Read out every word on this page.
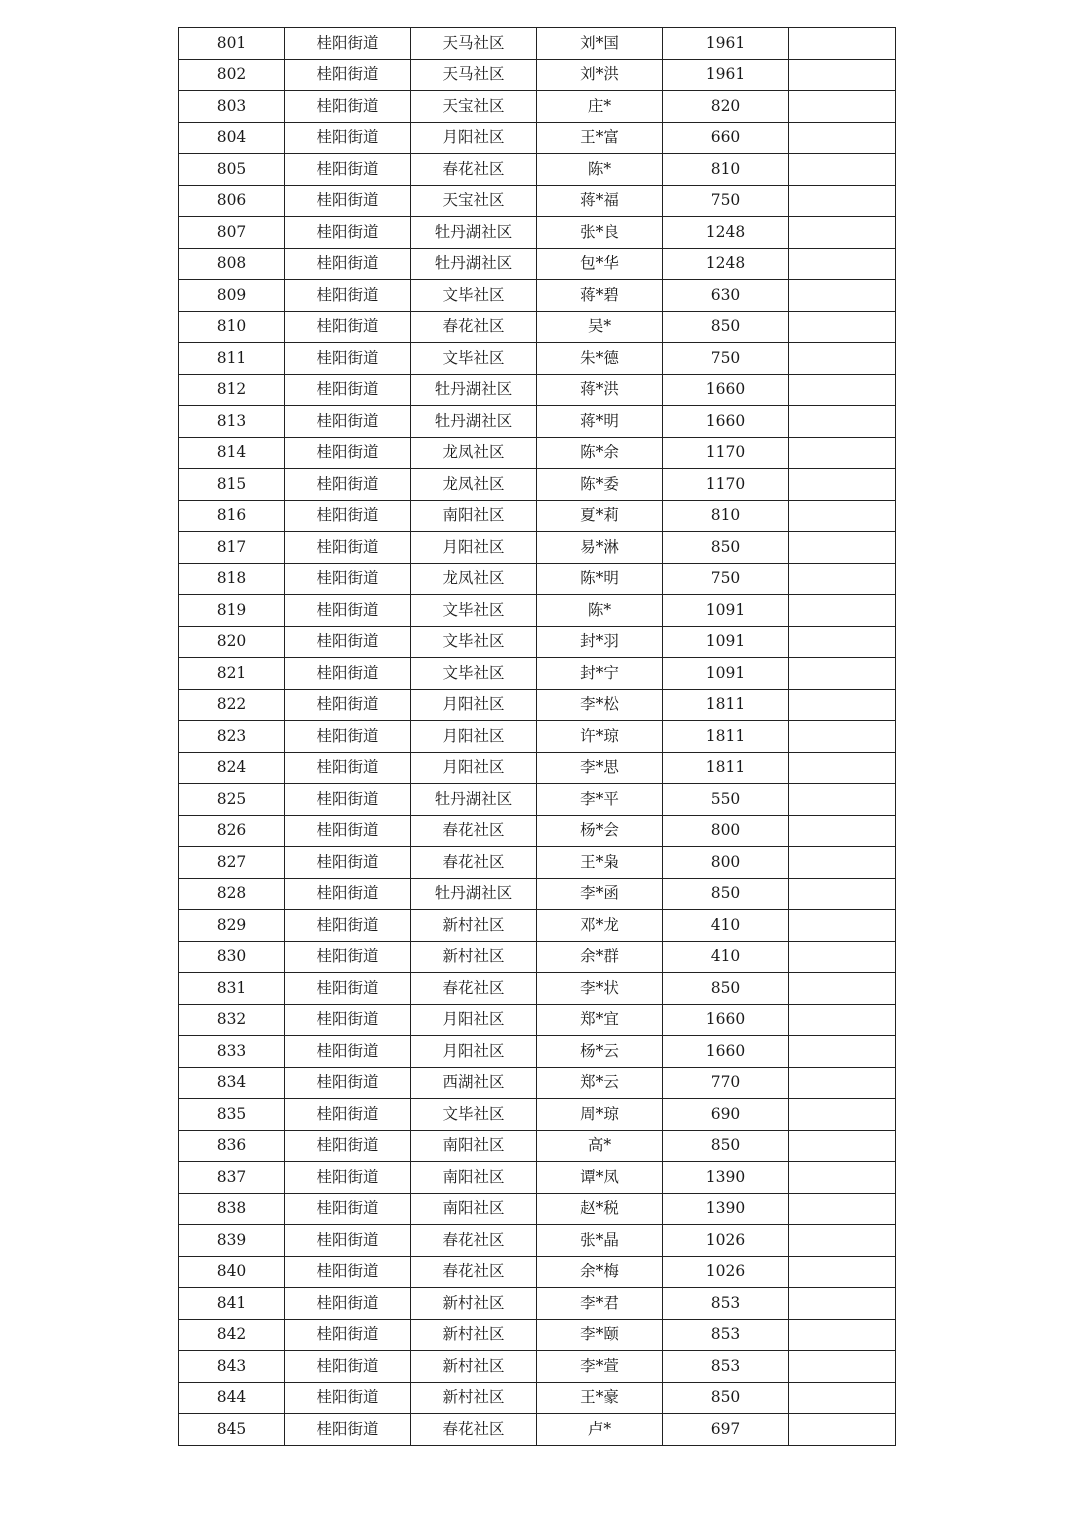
801	桂阳街道	天马社区	刘*国	1961	
802	桂阳街道	天马社区	刘*洪	1961	
803	桂阳街道	天宝社区	庄*	820	
804	桂阳街道	月阳社区	王*富	660	
805	桂阳街道	春花社区	陈*	810	
806	桂阳街道	天宝社区	蒋*福	750	
807	桂阳街道	牡丹湖社区	张*良	1248	
808	桂阳街道	牡丹湖社区	包*华	1248	
809	桂阳街道	文毕社区	蒋*碧	630	
810	桂阳街道	春花社区	吴*	850	
811	桂阳街道	文毕社区	朱*德	750	
812	桂阳街道	牡丹湖社区	蒋*洪	1660	
813	桂阳街道	牡丹湖社区	蒋*明	1660	
814	桂阳街道	龙凤社区	陈*余	1170	
815	桂阳街道	龙凤社区	陈*委	1170	
816	桂阳街道	南阳社区	夏*莉	810	
817	桂阳街道	月阳社区	易*淋	850	
818	桂阳街道	龙凤社区	陈*明	750	
819	桂阳街道	文毕社区	陈*	1091	
820	桂阳街道	文毕社区	封*羽	1091	
821	桂阳街道	文毕社区	封*宁	1091	
822	桂阳街道	月阳社区	李*松	1811	
823	桂阳街道	月阳社区	许*琼	1811	
824	桂阳街道	月阳社区	李*思	1811	
825	桂阳街道	牡丹湖社区	李*平	550	
826	桂阳街道	春花社区	杨*会	800	
827	桂阳街道	春花社区	王*枭	800	
828	桂阳街道	牡丹湖社区	李*函	850	
829	桂阳街道	新村社区	邓*龙	410	
830	桂阳街道	新村社区	余*群	410	
831	桂阳街道	春花社区	李*状	850	
832	桂阳街道	月阳社区	郑*宜	1660	
833	桂阳街道	月阳社区	杨*云	1660	
834	桂阳街道	西湖社区	郑*云	770	
835	桂阳街道	文毕社区	周*琼	690	
836	桂阳街道	南阳社区	高*	850	
837	桂阳街道	南阳社区	谭*凤	1390	
838	桂阳街道	南阳社区	赵*税	1390	
839	桂阳街道	春花社区	张*晶	1026	
840	桂阳街道	春花社区	余*梅	1026	
841	桂阳街道	新村社区	李*君	853	
842	桂阳街道	新村社区	李*颐	853	
843	桂阳街道	新村社区	李*萱	853	
844	桂阳街道	新村社区	王*豪	850	
845	桂阳街道	春花社区	卢*	697	
